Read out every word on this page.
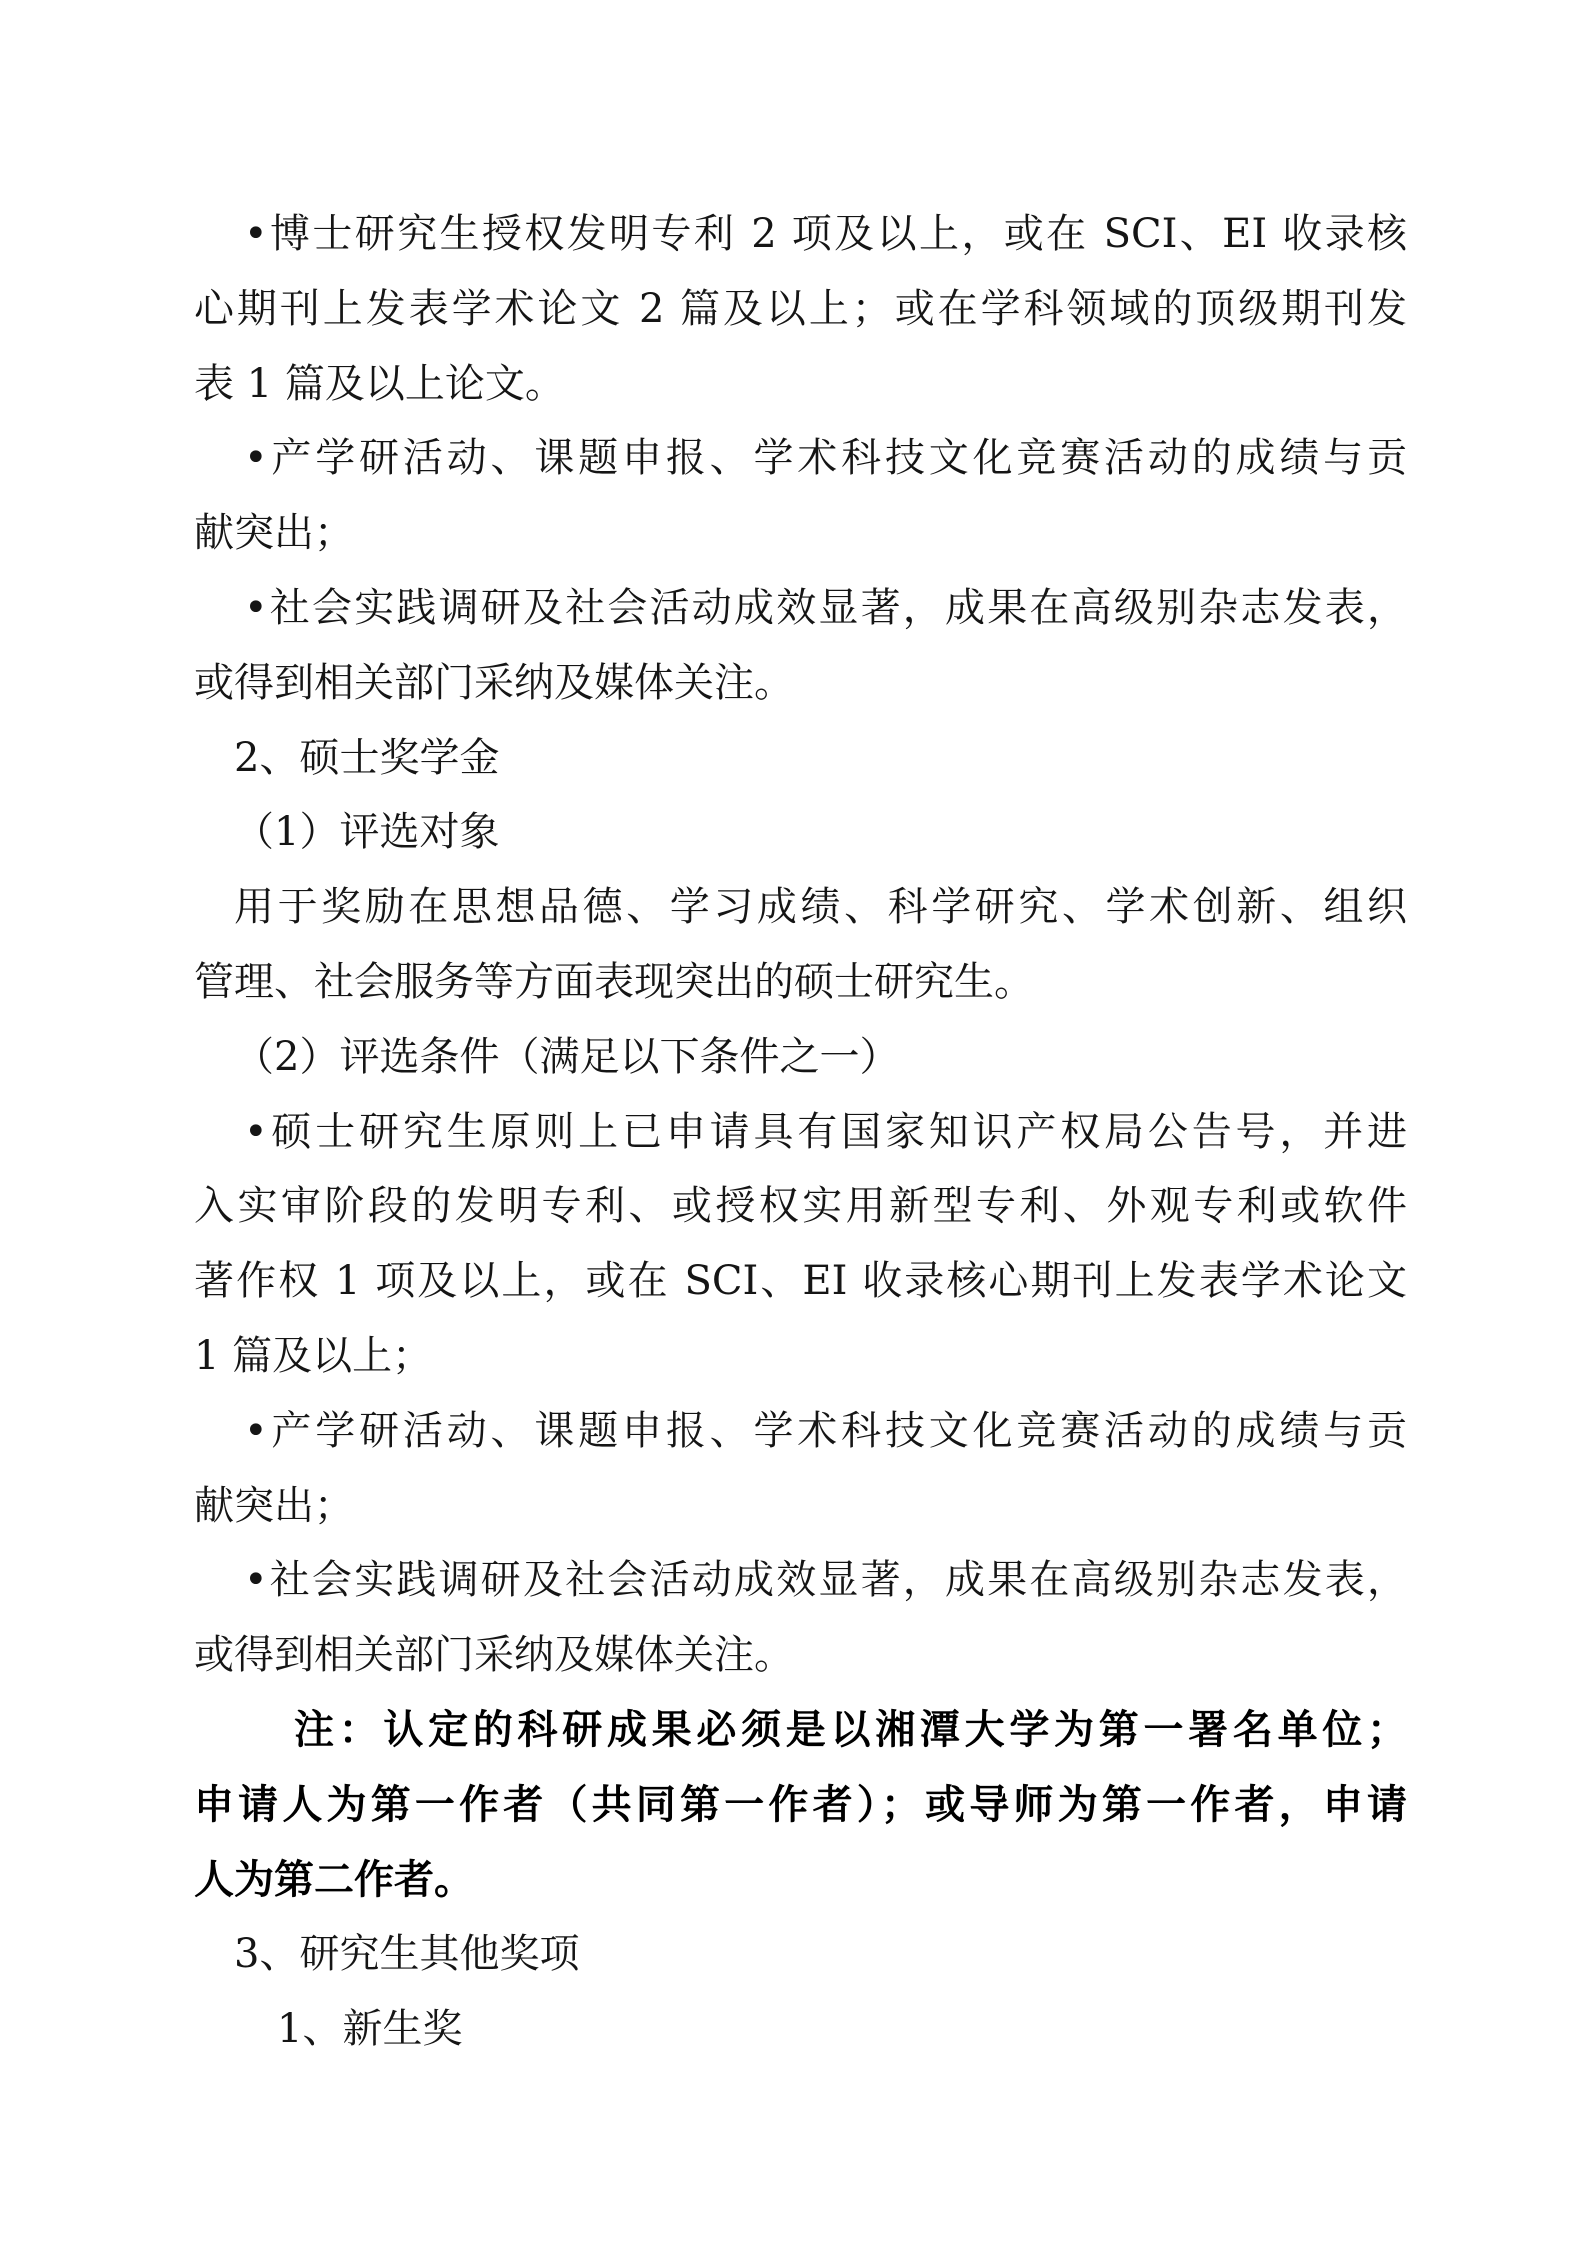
•博士研究生授权发明专利 2 项及以上，或在 SCI、EI 收录核
心期刊上发表学术论文 2 篇及以上；或在学科领域的顶级期刊发
表 1 篇及以上论文。
•产学研活动、课题申报、学术科技文化竞赛活动的成绩与贡
献突出；
•社会实践调研及社会活动成效显著，成果在高级别杂志发表，
或得到相关部门采纳及媒体关注。
2、硕士奖学金
（1）评选对象
用于奖励在思想品德、学习成绩、科学研究、学术创新、组织
管理、社会服务等方面表现突出的硕士研究生。
（2）评选条件（满足以下条件之一）
•硕士研究生原则上已申请具有国家知识产权局公告号，并进
入实审阶段的发明专利、或授权实用新型专利、外观专利或软件
著作权 1 项及以上，或在 SCI、EI 收录核心期刊上发表学术论文
1 篇及以上；
•产学研活动、课题申报、学术科技文化竞赛活动的成绩与贡
献突出；
•社会实践调研及社会活动成效显著，成果在高级别杂志发表，
或得到相关部门采纳及媒体关注。
注：认定的科研成果必须是以湘潭大学为第一署名单位；
申请人为第一作者（共同第一作者）；或导师为第一作者，申请
人为第二作者。
3、研究生其他奖项
1、新生奖
